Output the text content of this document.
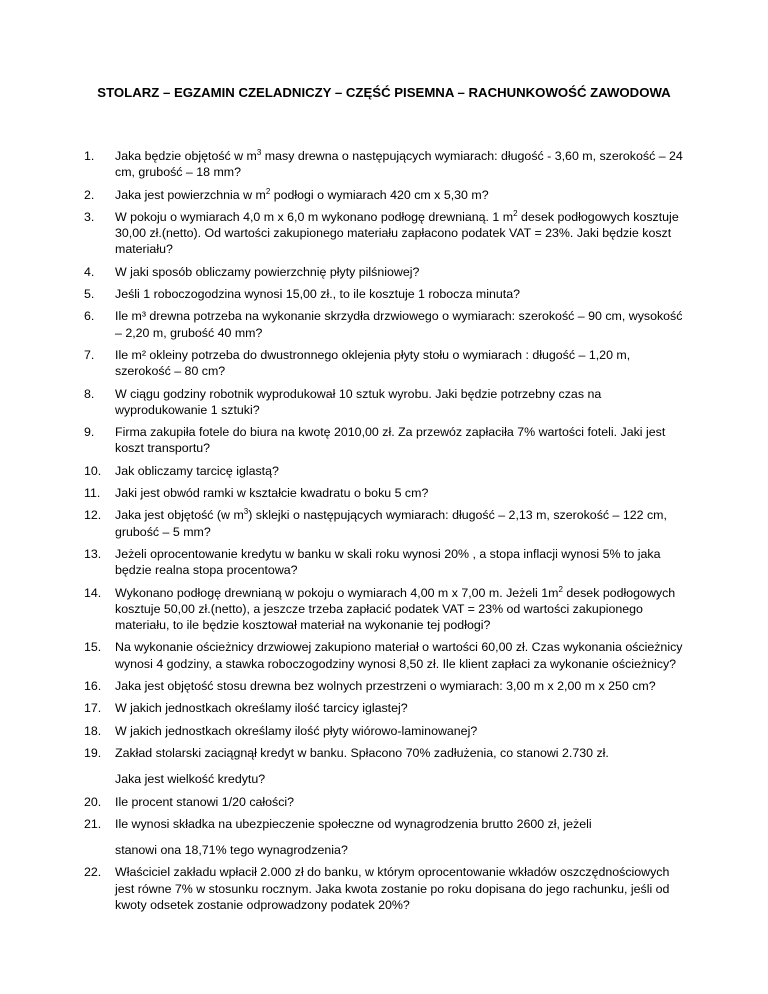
STOLARZ – EGZAMIN CZELADNICZY – CZĘŚĆ PISEMNA – RACHUNKOWOŚĆ ZAWODOWA
1.	Jaka będzie objętość w $m^3$ masy drewna o następujących wymiarach: długość - 3,60 m, szerokość – 24 cm, grubość – 18 mm?
2.	Jaka jest powierzchnia w $m^2$ podłogi o wymiarach 420 cm x 5,30 m?
3.	W pokoju o wymiarach 4,0 m x 6,0 m wykonano podłogę drewnianą. 1 $m^2$ desek podłogowych kosztuje 30,00 zł.(netto). Od wartości zakupionego materiału zapłacono podatek VAT = 23%. Jaki będzie koszt materiału?
4.	W jaki sposób obliczamy powierzchnię płyty pilśniowej?
5.	Jeśli 1 roboczogodzina wynosi 15,00 zł., to ile kosztuje 1 robocza minuta?
6.	Ile m³ drewna potrzeba na wykonanie skrzydła drzwiowego o wymiarach: szerokość – 90 cm, wysokość – 2,20 m, grubość 40 mm?
7.	Ile m² okleiny potrzeba do dwustronnego oklejenia płyty stołu o wymiarach : długość – 1,20 m, szerokość – 80 cm?
8.	W ciągu godziny robotnik wyprodukował 10 sztuk wyrobu. Jaki będzie potrzebny czas na wyprodukowanie 1 sztuki?
9.	Firma zakupiła fotele do biura na kwotę 2010,00 zł. Za przewóz zapłaciła 7% wartości foteli. Jaki jest koszt transportu?
10.	Jak obliczamy tarcicę iglastą?
11.	Jaki jest obwód ramki w kształcie kwadratu o boku 5 cm?
12.	Jaka jest objętość (w $m^3$) sklejki o następujących wymiarach: długość – 2,13 m, szerokość – 122 cm, grubość – 5 mm?
13.	Jeżeli oprocentowanie kredytu w banku w skali roku wynosi 20% , a stopa inflacji wynosi 5% to jaka będzie realna stopa procentowa?
14.	Wykonano podłogę drewnianą w pokoju o wymiarach 4,00 m x 7,00 m. Jeżeli $1m^2$ desek podłogowych kosztuje 50,00 zł.(netto), a jeszcze trzeba zapłacić podatek VAT = 23% od wartości zakupionego materiału, to ile będzie kosztował materiał na wykonanie tej podłogi?
15.	Na wykonanie ościeżnicy drzwiowej zakupiono materiał o wartości 60,00 zł. Czas wykonania ościeżnicy wynosi 4 godziny, a stawka roboczogodziny wynosi 8,50 zł. Ile klient zapłaci za wykonanie ościeżnicy?
16.	Jaka jest objętość stosu drewna bez wolnych przestrzeni o wymiarach: 3,00 m x 2,00 m x 250 cm?
17.	W jakich jednostkach określamy ilość tarcicy iglastej?
18.	W jakich jednostkach określamy ilość płyty wiórowo-laminowanej?
19.	Zakład stolarski zaciągnął kredyt w banku. Spłacono 70% zadłużenia, co stanowi 2.730 zł.

Jaka jest wielkość kredytu?

20.	Ile procent stanowi 1/20 całości?
21.	Ile wynosi składka na ubezpieczenie społeczne od wynagrodzenia brutto 2600 zł, jeżeli

stanowi ona 18,71% tego wynagrodzenia?

22.	Właściciel zakładu wpłacił 2.000 zł do banku, w którym oprocentowanie wkładów oszczędnościowych jest równe 7% w stosunku rocznym. Jaka kwota zostanie po roku dopisana do jego rachunku, jeśli od kwoty odsetek zostanie odprowadzony podatek 20%?
